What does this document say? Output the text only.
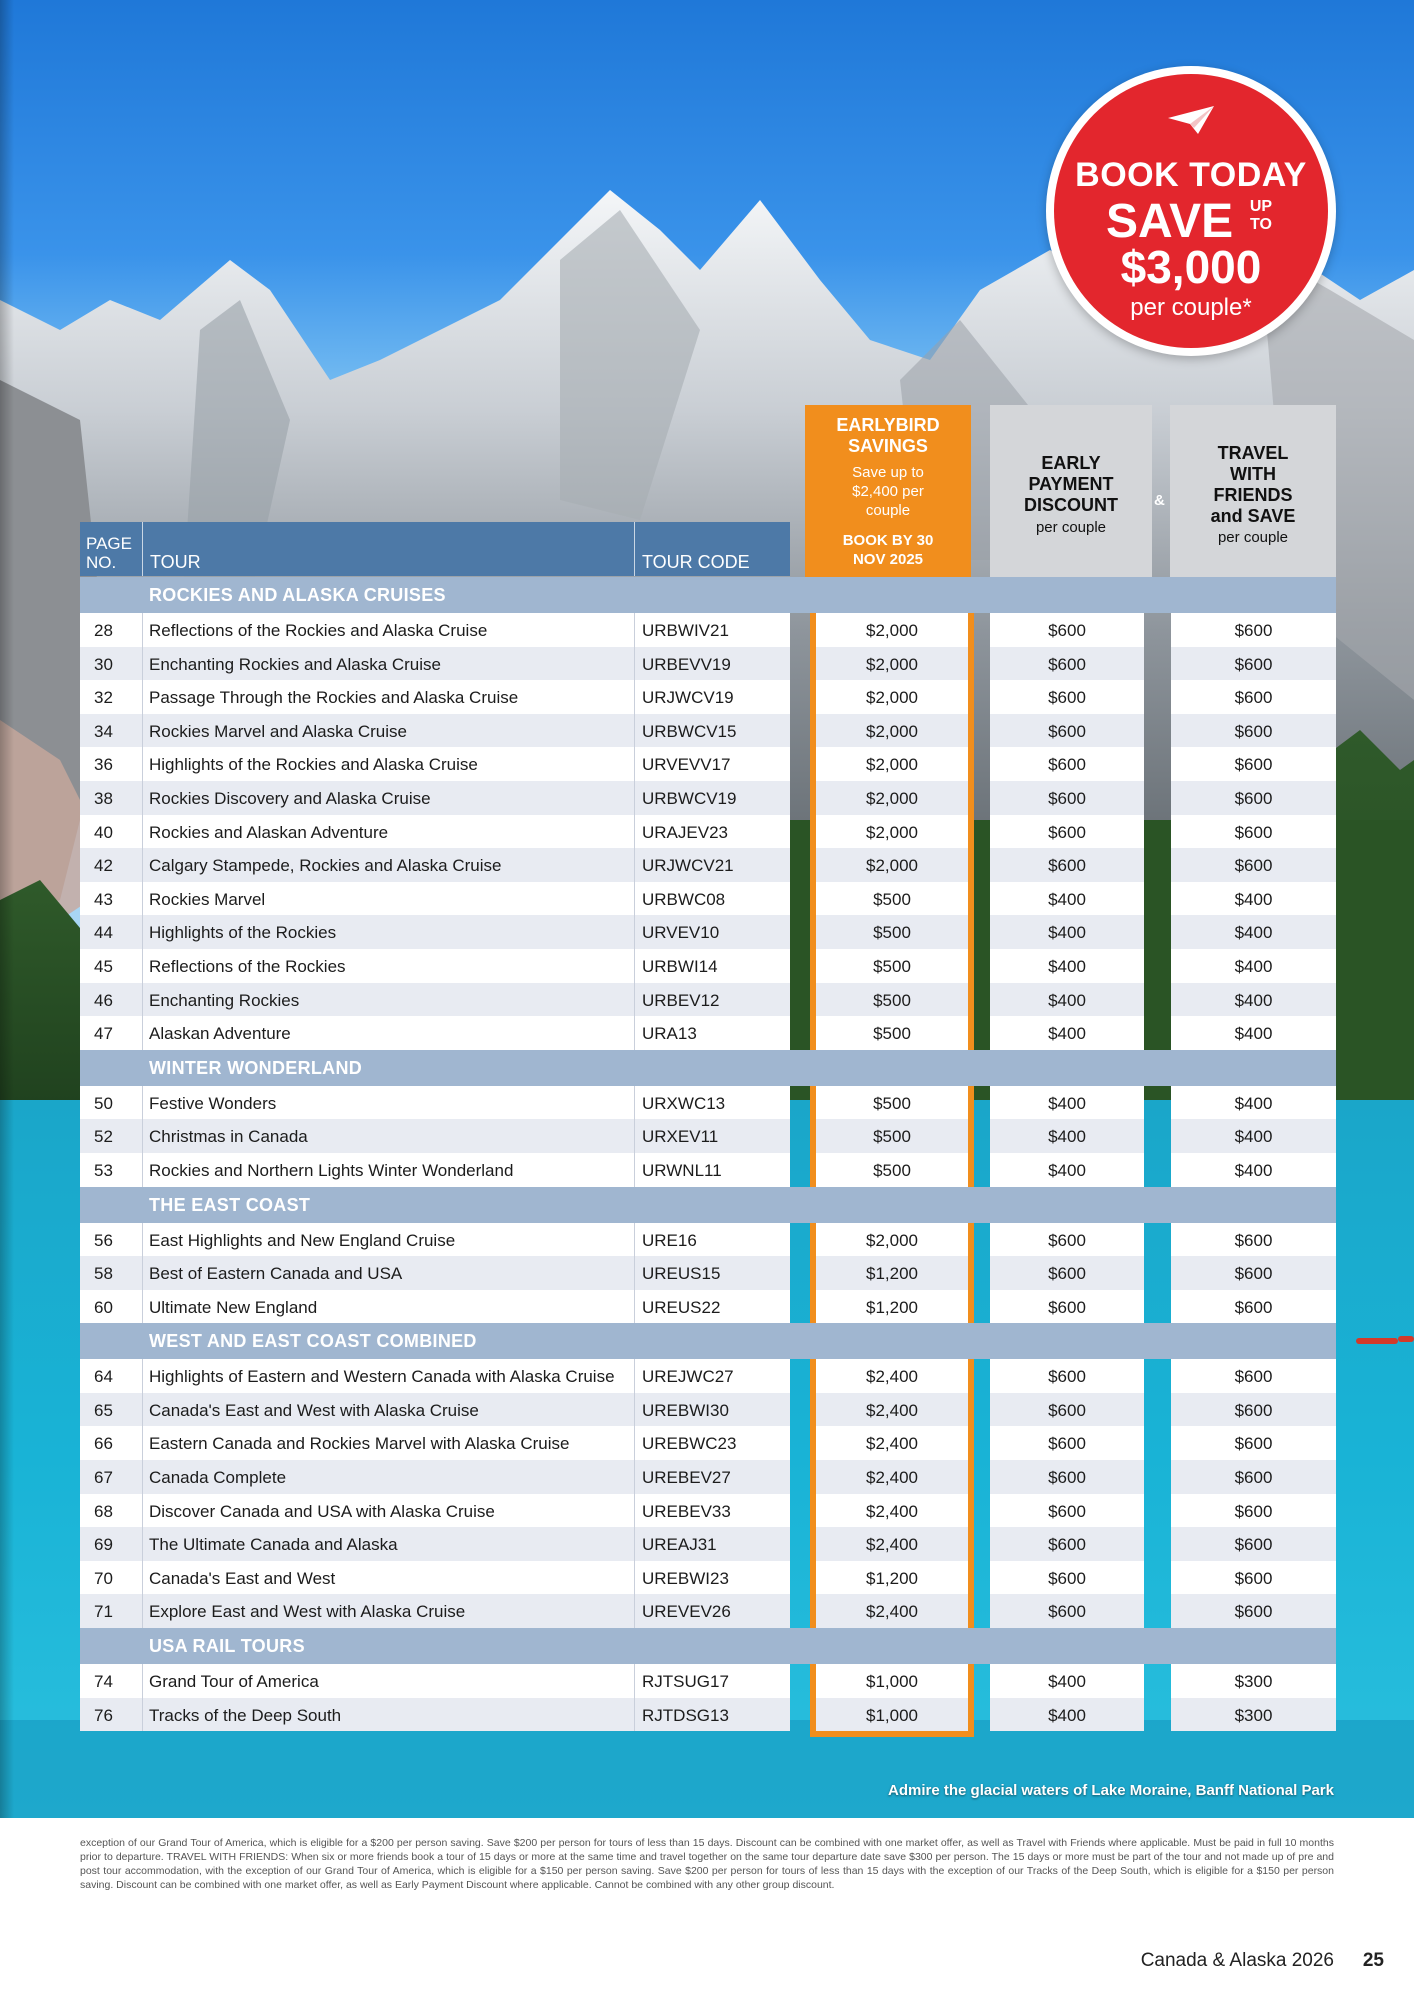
BOOK TODAY
SAVE	UP TO
$3,000
per couple*
PAGE NO.	TOUR	TOUR CODE
EARLYBIRD SAVINGS
Save up to $2,400 per couple
BOOK BY 30 NOV 2025
EARLY PAYMENT DISCOUNT
per couple
&
TRAVEL WITH FRIENDS and SAVE
per couple
ROCKIES AND ALASKA CRUISES
28 Reflections of the Rockies and Alaska Cruise	URBWIV21	$2,000	$600	$600
30 Enchanting Rockies and Alaska Cruise	URBEVV19	$2,000	$600	$600
32 Passage Through the Rockies and Alaska Cruise	URJWCV19	$2,000	$600	$600
34 Rockies Marvel and Alaska Cruise	URBWCV15	$2,000	$600	$600
36 Highlights of the Rockies and Alaska Cruise	URVEVV17	$2,000	$600	$600
38 Rockies Discovery and Alaska Cruise	URBWCV19	$2,000	$600	$600
40 Rockies and Alaskan Adventure	URAJEV23	$2,000	$600	$600
42 Calgary Stampede, Rockies and Alaska Cruise	URJWCV21	$2,000	$600	$600
43 Rockies Marvel	URBWC08	$500	$400	$400
44 Highlights of the Rockies	URVEV10	$500	$400	$400
45 Reflections of the Rockies	URBWI14	$500	$400	$400
46 Enchanting Rockies	URBEV12	$500	$400	$400
47 Alaskan Adventure	URA13	$500	$400	$400
WINTER WONDERLAND
50 Festive Wonders	URXWC13	$500	$400	$400
52 Christmas in Canada	URXEV11	$500	$400	$400
53 Rockies and Northern Lights Winter Wonderland	URWNL11	$500	$400	$400
THE EAST COAST
56 East Highlights and New England Cruise	URE16	$2,000	$600	$600
58 Best of Eastern Canada and USA	UREUS15	$1,200	$600	$600
60 Ultimate New England	UREUS22	$1,200	$600	$600
WEST AND EAST COAST COMBINED
64 Highlights of Eastern and Western Canada with Alaska Cruise UREJWC27	$2,400	$600	$600
65 Canada's East and West with Alaska Cruise	UREBWI30	$2,400	$600	$600
66 Eastern Canada and Rockies Marvel with Alaska Cruise	UREBWC23	$2,400	$600	$600
67 Canada Complete	UREBEV27	$2,400	$600	$600
68 Discover Canada and USA with Alaska Cruise	UREBEV33	$2,400	$600	$600
69 The Ultimate Canada and Alaska	UREAJ31	$2,400	$600	$600
70 Canada's East and West	UREBWI23	$1,200	$600	$600
71 Explore East and West with Alaska Cruise	UREVEV26	$2,400	$600	$600
USA RAIL TOURS
74 Grand Tour of America	RJTSUG17	$1,000	$400	$300
76 Tracks of the Deep South	RJTDSG13	$1,000	$400	$300
Admire the glacial waters of Lake Moraine, Banff National Park
exception of our Grand Tour of America, which is eligible for a $200 per person saving. Save $200 per person for tours of less than 15 days. Discount can be combined with one market offer, as well as Travel with Friends where applicable. Must be paid in full 10 months prior to departure. TRAVEL WITH FRIENDS: When six or more friends book a tour of 15 days or more at the same time and travel together on the same tour departure date save $300 per person. The 15 days or more must be part of the tour and not made up of pre and post tour accommodation, with the exception of our Grand Tour of America, which is eligible for a $150 per person saving. Save $200 per person for tours of less than 15 days with the exception of our Tracks of the Deep South, which is eligible for a $150 per person saving. Discount can be combined with one market offer, as well as Early Payment Discount where applicable. Cannot be combined with any other group discount.
Canada & Alaska 2026 25
